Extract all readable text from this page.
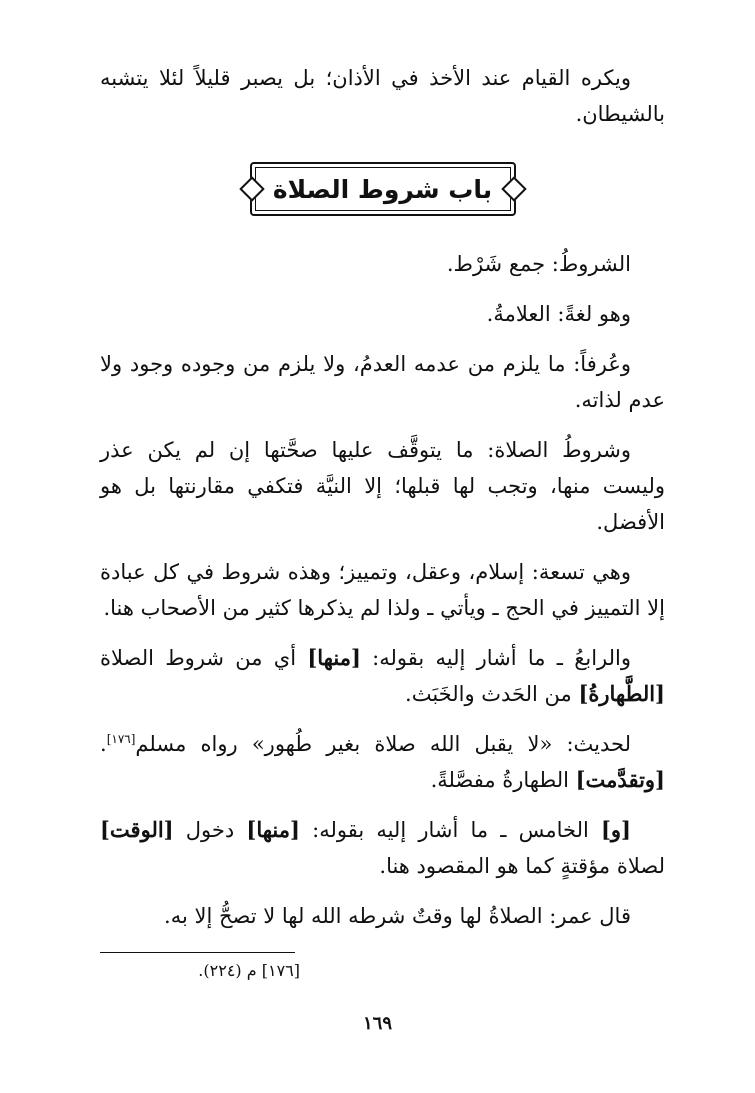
ويكره القيام عند الأخذ في الأذان؛ بل يصبر قليلاً لئلا يتشبه بالشيطان.

باب شروط الصلاة

الشروطُ: جمع شَرْط.

وهو لغةً: العلامةُ.

وعُرفاً: ما يلزم من عدمه العدمُ، ولا يلزم من وجوده وجود ولا عدم لذاته.

وشروطُ الصلاة: ما يتوقَّف عليها صحَّتها إن لم يكن عذر وليست منها، وتجب لها قبلها؛ إلا النيَّة فتكفي مقارنتها بل هو الأفضل.

وهي تسعة: إسلام، وعقل، وتمييز؛ وهذه شروط في كل عبادة إلا التمييز في الحج ـ ويأتي ـ ولذا لم يذكرها كثير من الأصحاب هنا.

والرابعُ ـ ما أشار إليه بقوله: [منها] أي من شروط الصلاة [الطَّهارةُ] من الحَدث والخَبَث.

لحديث: «لا يقبل الله صلاة بغير طُهور» رواه مسلم[١٧٦]. [وتقدَّمت] الطهارةُ مفصَّلةً.

[و] الخامس ـ ما أشار إليه بقوله: [منها] دخول [الوقت] لصلاة مؤقتةٍ كما هو المقصود هنا.

قال عمر: الصلاةُ لها وقتٌ شرطه الله لها لا تصحُّ إلا به.

[١٧٦] م (٢٢٤).
١٦٩
